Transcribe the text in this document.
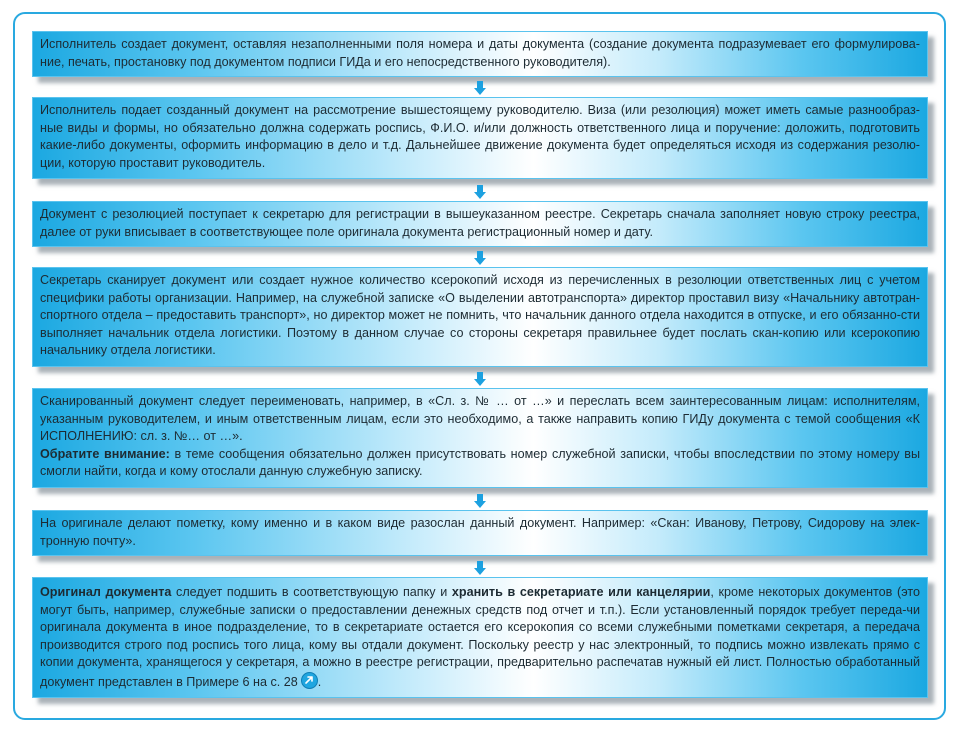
Исполнитель создает документ, оставляя незаполненными поля номера и даты документа (создание документа подразумевает его формулирова-ние, печать, простановку под документом подписи ГИДа и его непосредственного руководителя).

Исполнитель подает созданный документ на рассмотрение вышестоящему руководителю. Виза (или резолюция) может иметь самые разнообраз-ные виды и формы, но обязательно должна содержать роспись, Ф.И.О. и/или должность ответственного лица и поручение: доложить, подготовить какие-либо документы, оформить информацию в дело и т.д. Дальнейшее движение документа будет определяться исходя из содержания резолю-ции, которую проставит руководитель.

Документ с резолюцией поступает к секретарю для регистрации в вышеуказанном реестре. Секретарь сначала заполняет новую строку реестра, далее от руки вписывает в соответствующее поле оригинала документа регистрационный номер и дату.

Секретарь сканирует документ или создает нужное количество ксерокопий исходя из перечисленных в резолюции ответственных лиц с учетом специфики работы организации. Например, на служебной записке «О выделении автотранспорта» директор проставил визу «Начальнику автотран-спортного отдела – предоставить транспорт», но директор может не помнить, что начальник данного отдела находится в отпуске, и его обязанно-сти выполняет начальник отдела логистики. Поэтому в данном случае со стороны секретаря правильнее будет послать скан-копию или ксерокопию начальнику отдела логистики.

Сканированный документ следует переименовать, например, в «Сл. з. № … от …» и переслать всем заинтересованным лицам: исполнителям, указанным руководителем, и иным ответственным лицам, если это необходимо, а также направить копию ГИДу документа с темой сообщения «К ИСПОЛНЕНИЮ: сл. з. №… от …».

Обратите внимание: в теме сообщения обязательно должен присутствовать номер служебной записки, чтобы впоследствии по этому номеру вы смогли найти, когда и кому отослали данную служебную записку.

На оригинале делают пометку, кому именно и в каком виде разослан данный документ. Например: «Скан: Иванову, Петрову, Сидорову на элек-тронную почту».

Оригинал документа следует подшить в соответствующую папку и хранить в секретариате или канцелярии, кроме некоторых документов (это могут быть, например, служебные записки о предоставлении денежных средств под отчет и т.п.). Если установленный порядок требует переда-чи оригинала документа в иное подразделение, то в секретариате остается его ксерокопия со всеми служебными пометками секретаря, а передача производится строго под роспись того лица, кому вы отдали документ. Поскольку реестр у нас электронный, то подпись можно извлекать прямо с копии документа, хранящегося у секретаря, а можно в реестре регистрации, предварительно распечатав нужный ей лист. Полностью обработанный документ представлен в Примере 6 на с. 28 .
